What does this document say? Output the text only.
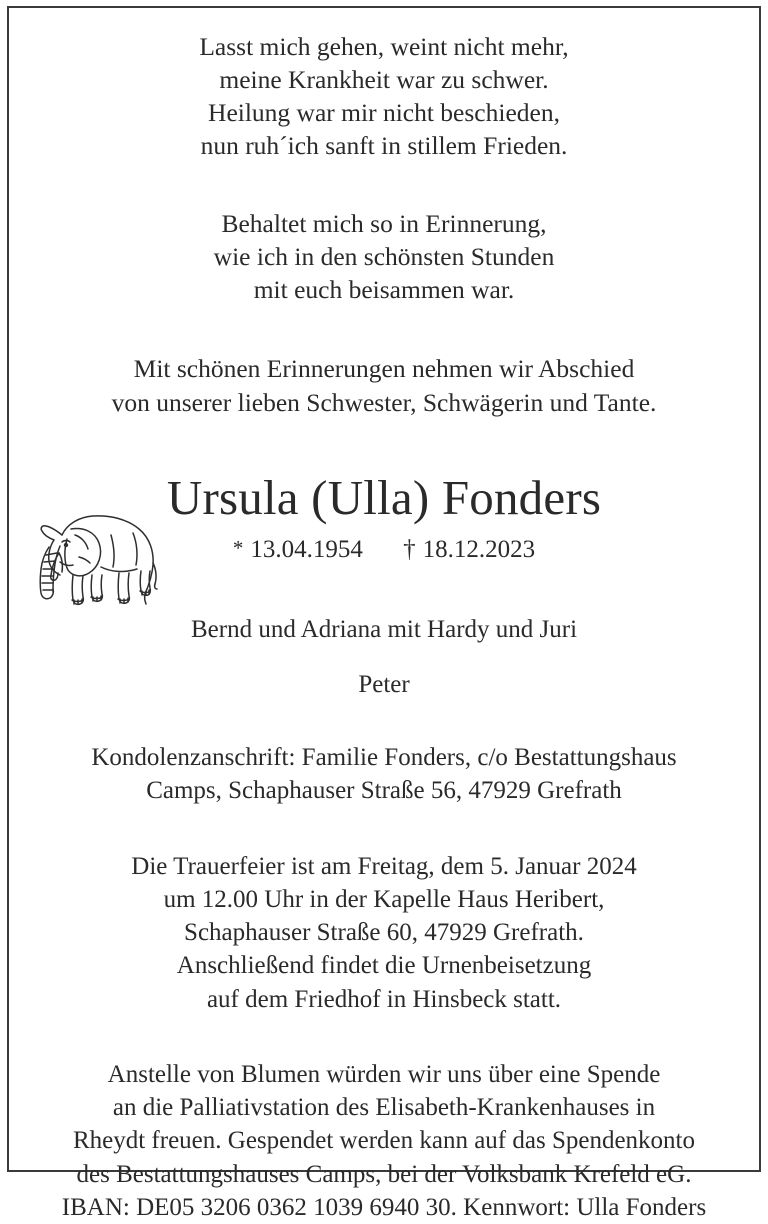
Lasst mich gehen, weint nicht mehr,
meine Krankheit war zu schwer.
Heilung war mir nicht beschieden,
nun ruh´ich sanft in stillem Frieden.
Behaltet mich so in Erinnerung,
wie ich in den schönsten Stunden
mit euch beisammen war.
Mit schönen Erinnerungen nehmen wir Abschied
von unserer lieben Schwester, Schwägerin und Tante.
Ursula (Ulla) Fonders
* 13.04.1954 † 18.12.2023
Bernd und Adriana mit Hardy und Juri
Peter
Kondolenzanschrift: Familie Fonders, c/o Bestattungshaus
Camps, Schaphauser Straße 56, 47929 Grefrath
Die Trauerfeier ist am Freitag, dem 5. Januar 2024
um 12.00 Uhr in der Kapelle Haus Heribert,
Schaphauser Straße 60, 47929 Grefrath.
Anschließend findet die Urnenbeisetzung
auf dem Friedhof in Hinsbeck statt.
Anstelle von Blumen würden wir uns über eine Spende
an die Palliativstation des Elisabeth-Krankenhauses in
Rheydt freuen. Gespendet werden kann auf das Spendenkonto
des Bestattungshauses Camps, bei der Volksbank Krefeld eG.
IBAN: DE05 3206 0362 1039 6940 30. Kennwort: Ulla Fonders
